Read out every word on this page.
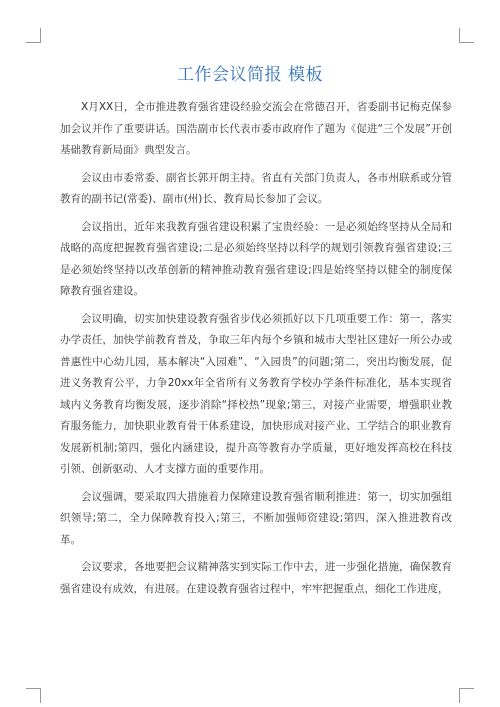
工作会议简报 模板

X月XX日，全市推进教育强省建设经验交流会在常德召开，省委副书记梅克保参加会议并作了重要讲话。国浩副市长代表市委市政府作了题为《促进“三个发展”开创基础教育新局面》典型发言。

会议由市委常委、副省长郭开朗主持。省直有关部门负责人，各市州联系或分管教育的副书记(常委)、副市(州)长、教育局长参加了会议。

会议指出，近年来我教育强省建设积累了宝贵经验：一是必须始终坚持从全局和战略的高度把握教育强省建设;二是必须始终坚持以科学的规划引领教育强省建设;三是必须始终坚持以改革创新的精神推动教育强省建设;四是始终坚持以健全的制度保障教育强省建设。

会议明确，切实加快建设教育强省步伐必须抓好以下几项重要工作：第一，落实办学责任，加快学前教育普及，争取三年内每个乡镇和城市大型社区建好一所公办或普惠性中心幼儿园，基本解决“入园难”、“入园贵”的问题;第二，突出均衡发展，促进义务教育公平，力争20xx年全省所有义务教育学校办学条件标准化，基本实现省域内义务教育均衡发展，逐步消除“择校热”现象;第三，对接产业需要，增强职业教育服务能力，加快职业教育骨干体系建设，加快形成对接产业、工学结合的职业教育发展新机制;第四，强化内涵建设，提升高等教育办学质量，更好地发挥高校在科技引领、创新驱动、人才支撑方面的重要作用。

会议强调，要采取四大措施着力保障建设教育强省顺利推进：第一，切实加强组织领导;第二，全力保障教育投入;第三，不断加强师资建设;第四，深入推进教育改革。

会议要求，各地要把会议精神落实到实际工作中去，进一步强化措施，确保教育强省建设有成效，有进展。在建设教育强省过程中，牢牢把握重点，细化工作进度，
